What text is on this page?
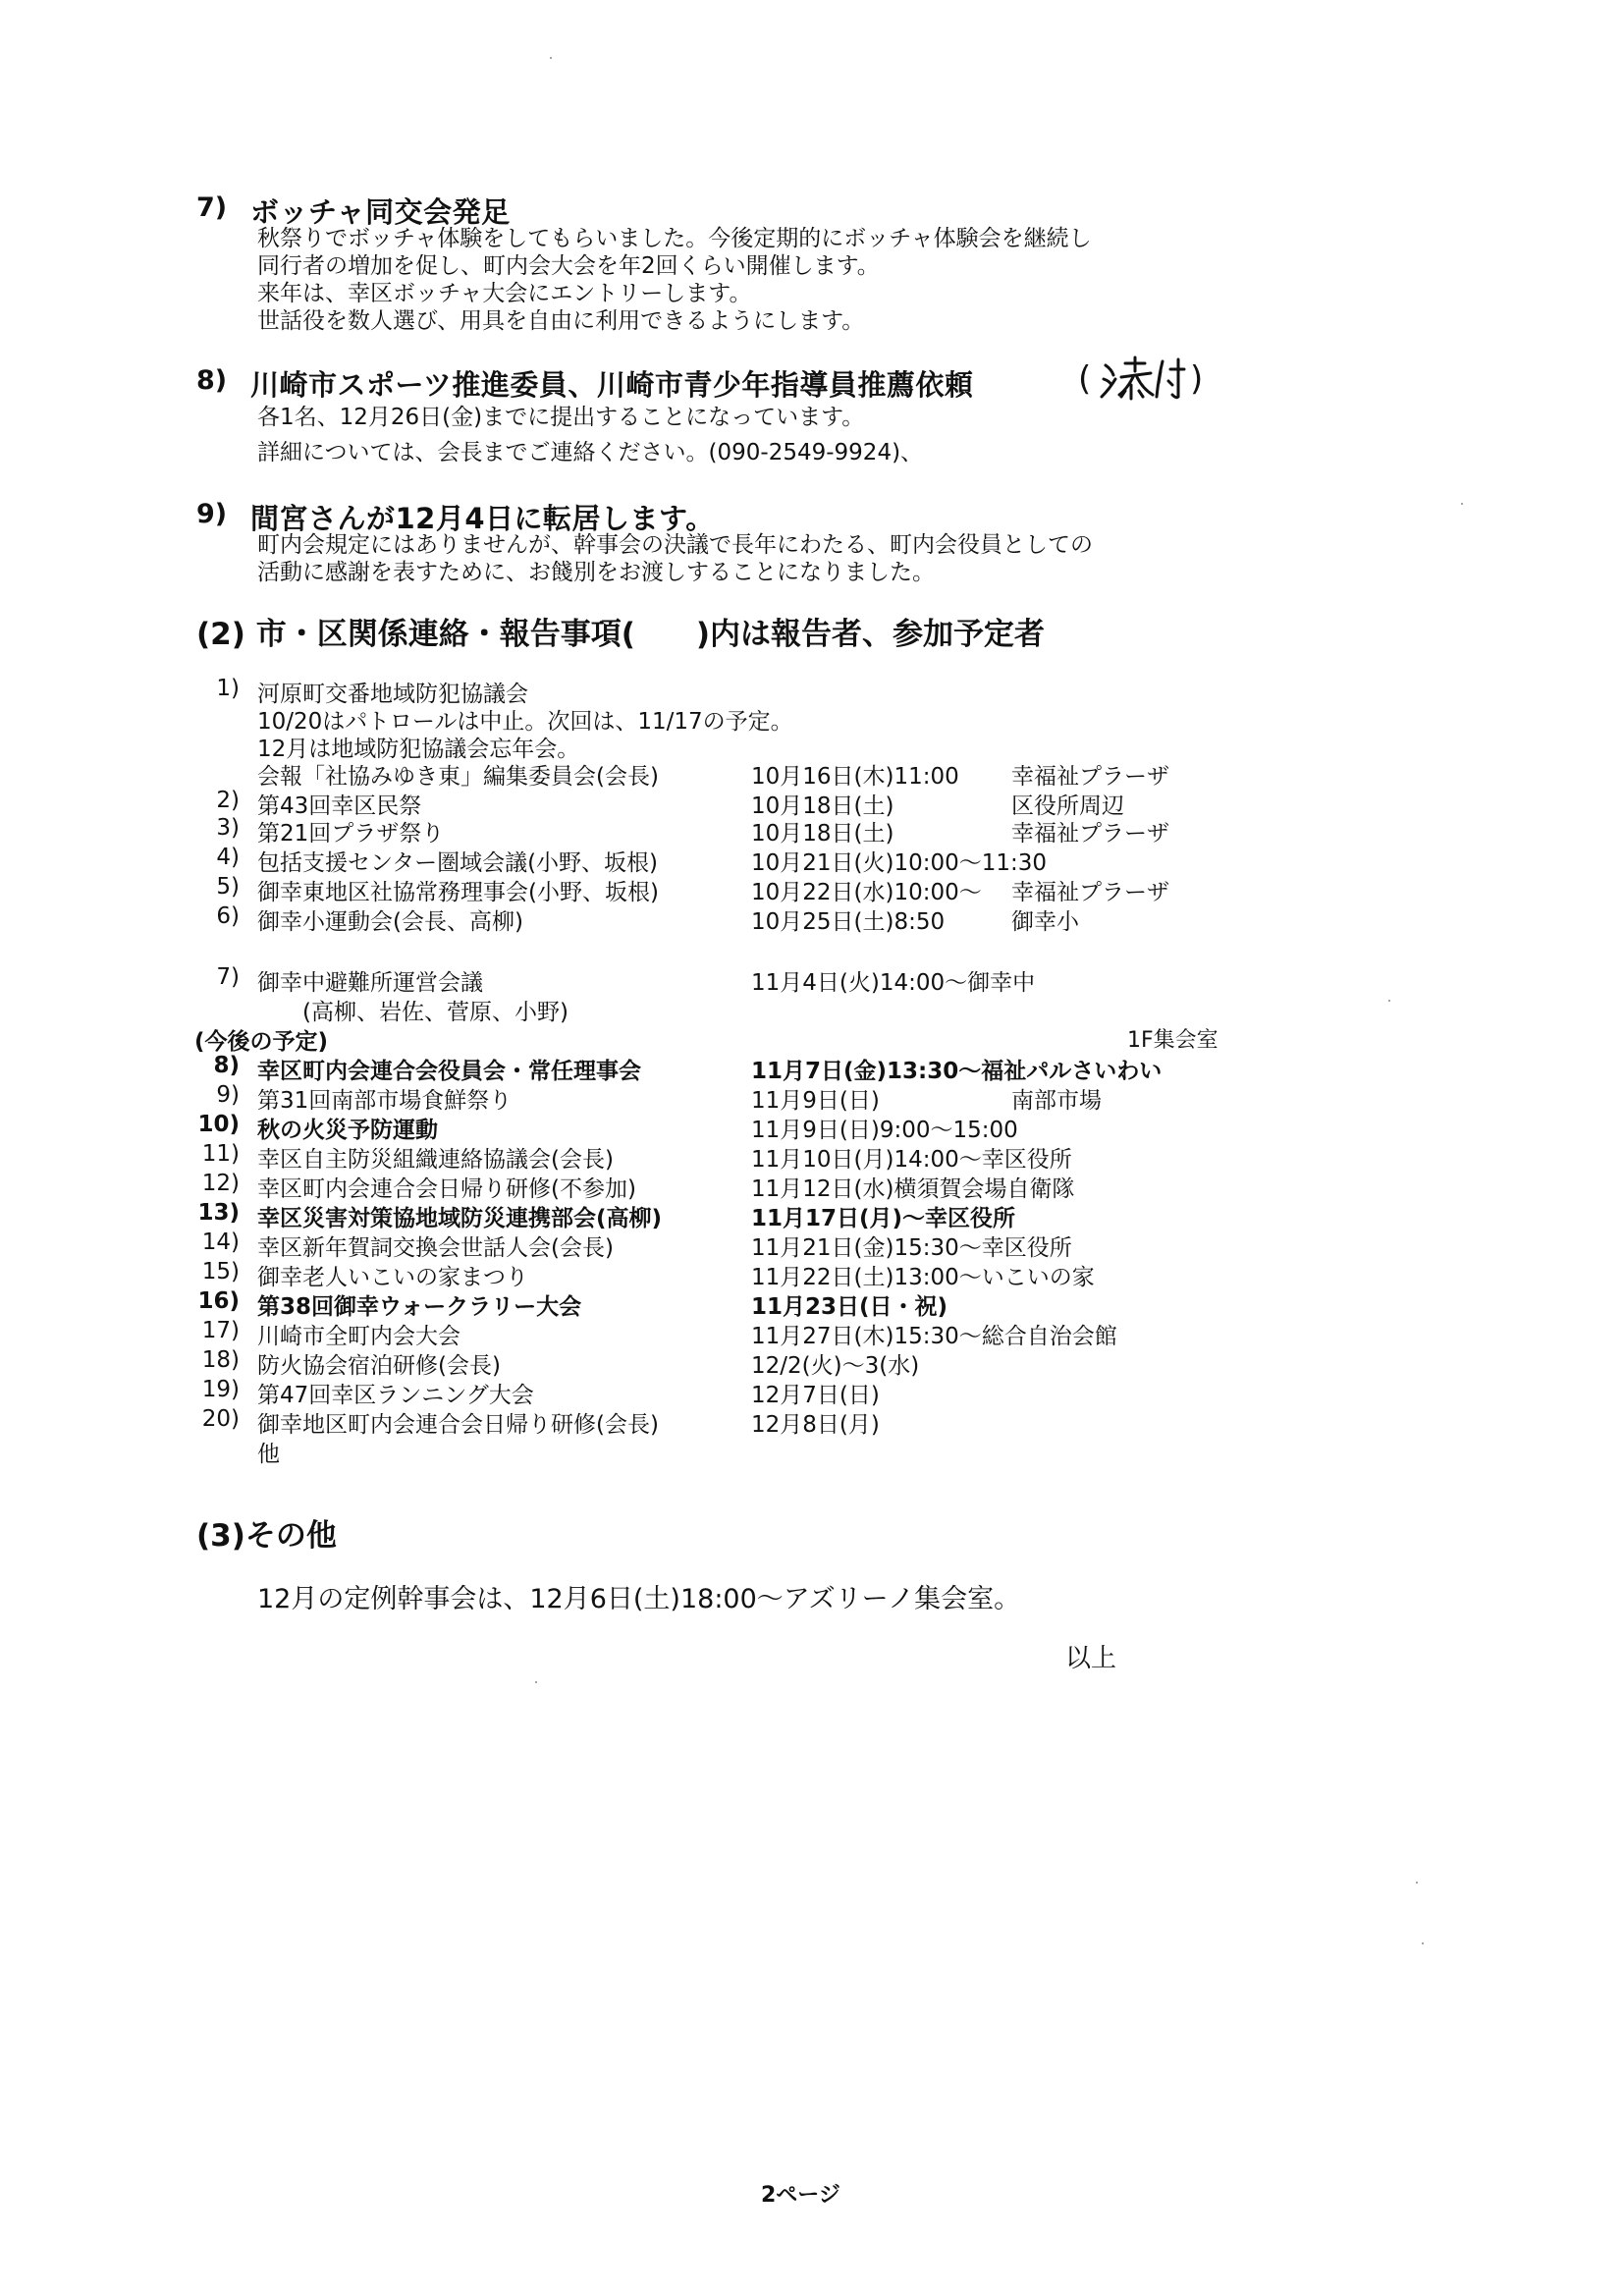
7) ボッチャ同交会発足
秋祭りでボッチャ体験をしてもらいました。今後定期的にボッチャ体験会を継続し
同行者の増加を促し、町内会大会を年2回くらい開催します。
来年は、幸区ボッチャ大会にエントリーします。
世話役を数人選び、用具を自由に利用できるようにします。
8) 川崎市スポーツ推進委員、川崎市青少年指導員推薦依頼	(	)
各1名、12月26日(金)までに提出することになっています。
詳細については、会長までご連絡ください。(090-2549-9924)、
9) 間宮さんが12月4日に転居します。
町内会規定にはありませんが、幹事会の決議で長年にわたる、町内会役員としての
活動に感謝を表すために、お餞別をお渡しすることになりました。
(2) 市・区関係連絡・報告事項(　　)内は報告者、参加予定者
1) 河原町交番地域防犯協議会
10/20はパトロールは中止。次回は、11/17の予定。
12月は地域防犯協議会忘年会。
会報「社協みゆき東」編集委員会(会長)	10月16日(木)11:00 幸福祉プラーザ
2) 第43回幸区民祭	10月18日(土)	区役所周辺
3) 第21回プラザ祭り	10月18日(土)	幸福祉プラーザ
4) 包括支援センター圏域会議(小野、坂根)	10月21日(火)10:00～11:30
5) 御幸東地区社協常務理事会(小野、坂根)	10月22日(水)10:00～ 幸福祉プラーザ
6) 御幸小運動会(会長、高柳)	10月25日(土)8:50	御幸小
7) 御幸中避難所運営会議	11月4日(火)14:00～御幸中
　　(高柳、岩佐、菅原、小野)
(今後の予定)	1F集会室
8) 幸区町内会連合会役員会・常任理事会	11月7日(金)13:30～福祉パルさいわい
9) 第31回南部市場食鮮祭り	11月9日(日)	南部市場
10) 秋の火災予防運動	11月9日(日)9:00～15:00
11) 幸区自主防災組織連絡協議会(会長)	11月10日(月)14:00～幸区役所
12) 幸区町内会連合会日帰り研修(不参加)	11月12日(水)横須賀会場自衛隊
13) 幸区災害対策協地域防災連携部会(高柳)	11月17日(月)～幸区役所
14) 幸区新年賀詞交換会世話人会(会長)	11月21日(金)15:30～幸区役所
15) 御幸老人いこいの家まつり	11月22日(土)13:00～いこいの家
16) 第38回御幸ウォークラリー大会	11月23日(日・祝)
17) 川崎市全町内会大会	11月27日(木)15:30～総合自治会館
18) 防火協会宿泊研修(会長)	12/2(火)～3(水)
19) 第47回幸区ランニング大会	12月7日(日)
20) 御幸地区町内会連合会日帰り研修(会長)	12月8日(月)
他
(3)その他
12月の定例幹事会は、12月6日(土)18:00～アズリーノ集会室。
以上
2ページ
